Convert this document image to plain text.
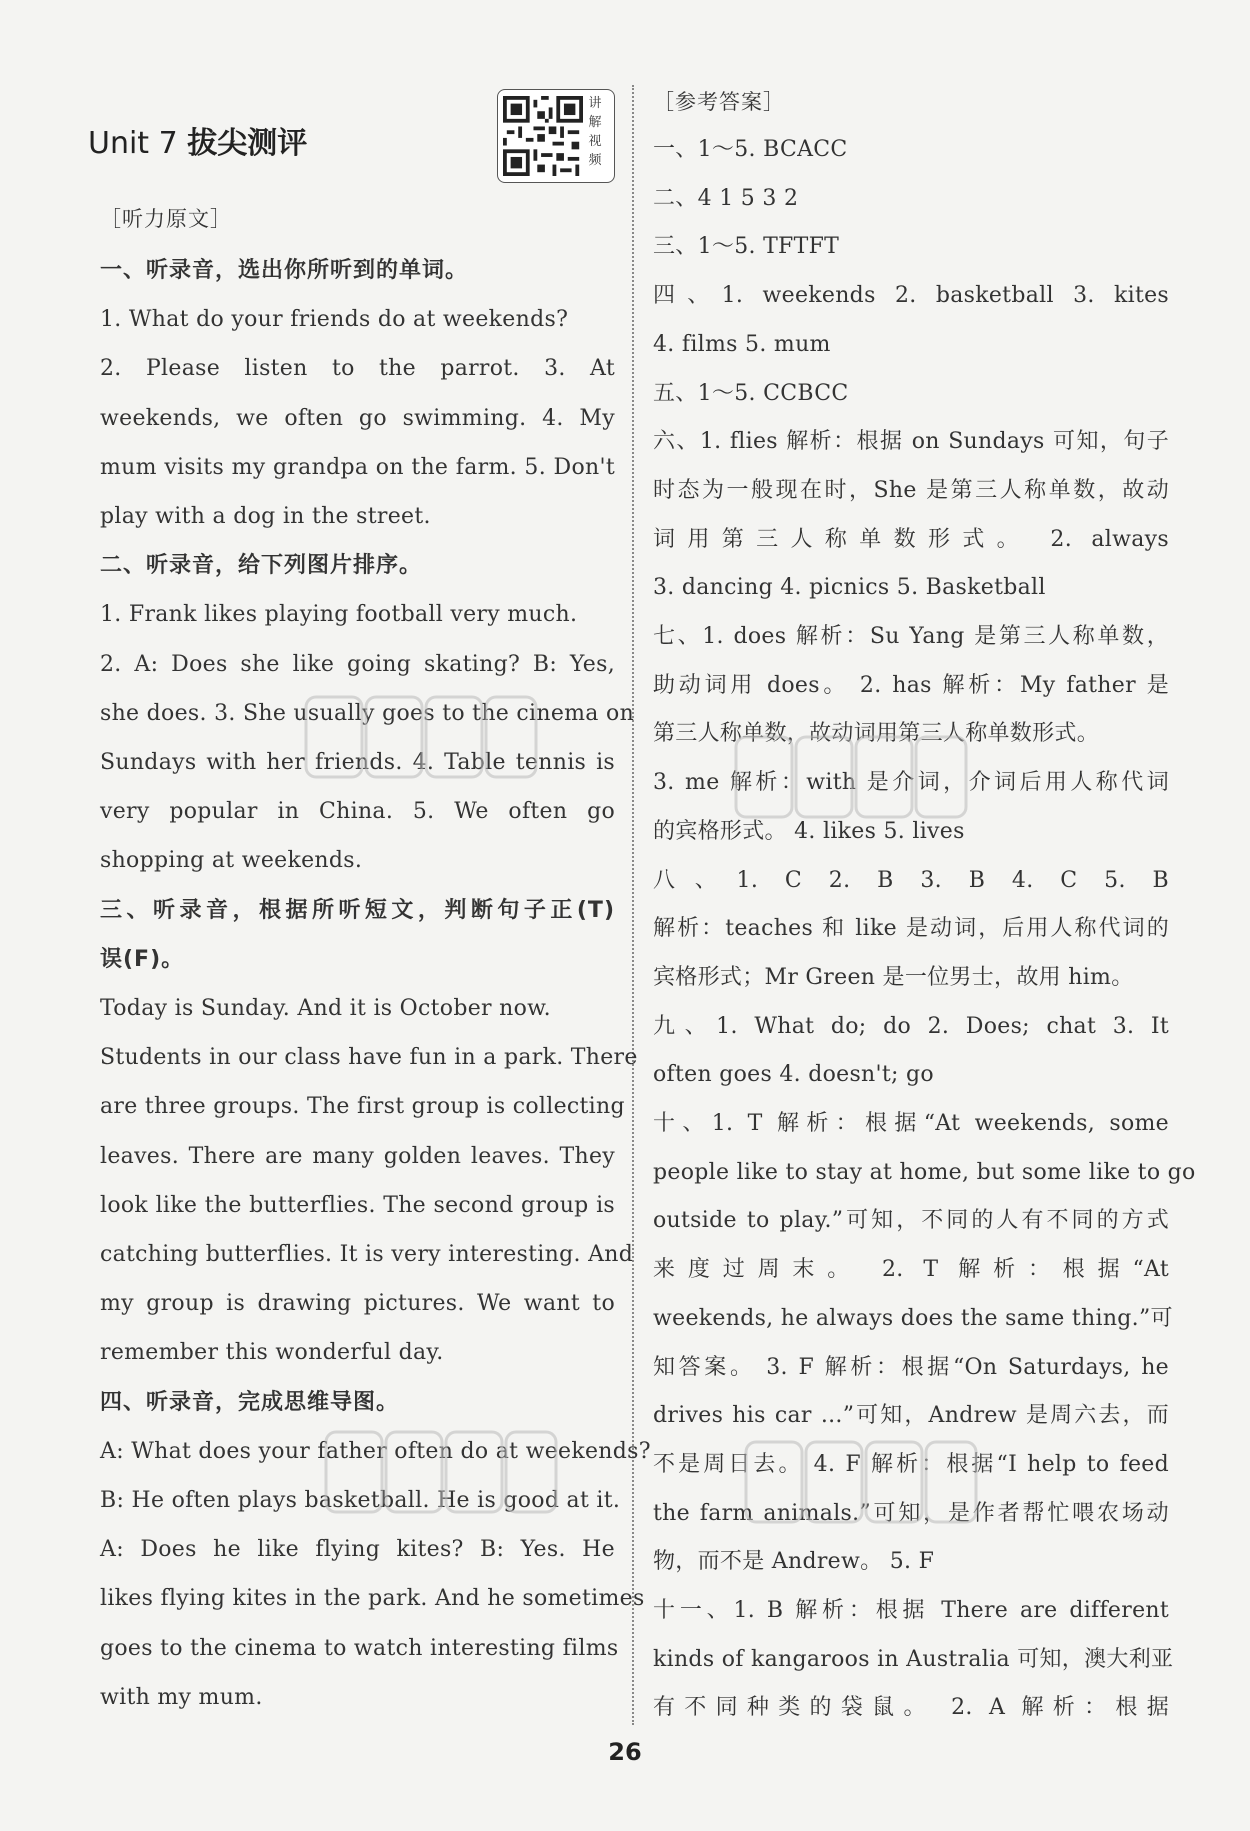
Unit 7 拔尖测评
讲解视频
［听力原文］
一、听录音，选出你所听到的单词。
1. What do your friends do at weekends?
2. Please listen to the parrot. 3. At
weekends, we often go swimming. 4. My
mum visits my grandpa on the farm. 5. Don't
play with a dog in the street.
二、听录音，给下列图片排序。
1. Frank likes playing football very much.
2. A: Does she like going skating? B: Yes,
she does. 3. She usually goes to the cinema on
Sundays with her friends. 4. Table tennis is
very popular in China. 5. We often go
shopping at weekends.
三、听录音，根据所听短文，判断句子正(T)
误(F)。
Today is Sunday. And it is October now.
Students in our class have fun in a park. There
are three groups. The first group is collecting
leaves. There are many golden leaves. They
look like the butterflies. The second group is
catching butterflies. It is very interesting. And
my group is drawing pictures. We want to
remember this wonderful day.
四、听录音，完成思维导图。
A: What does your father often do at weekends?
B: He often plays basketball. He is good at it.
A: Does he like flying kites? B: Yes. He
likes flying kites in the park. And he sometimes
goes to the cinema to watch interesting films
with my mum.
［参考答案］
一、1～5. BCACC
二、4 1 5 3 2
三、1～5. TFTFT
四、1. weekends 2. basketball 3. kites
4. films 5. mum
五、1～5. CCBCC
六、1. flies 解析：根据 on Sundays 可知，句子
时态为一般现在时，She 是第三人称单数，故动
词用第三人称单数形式。 2. always
3. dancing 4. picnics 5. Basketball
七、1. does 解析：Su Yang 是第三人称单数，
助动词用 does。 2. has 解析：My father 是
第三人称单数，故动词用第三人称单数形式。
3. me 解析：with 是介词，介词后用人称代词
的宾格形式。 4. likes 5. lives
八、1. C 2. B 3. B 4. C 5. B
解析：teaches 和 like 是动词，后用人称代词的
宾格形式；Mr Green 是一位男士，故用 him。
九、1. What do; do 2. Does; chat 3. It
often goes 4. doesn't; go
十、1. T 解析：根据“At weekends, some
people like to stay at home, but some like to go
outside to play.”可知，不同的人有不同的方式
来度过周末。 2. T 解析：根据“At
weekends, he always does the same thing.”可
知答案。 3. F 解析：根据“On Saturdays, he
drives his car ...”可知，Andrew 是周六去，而
不是周日去。 4. F 解析：根据“I help to feed
the farm animals.”可知，是作者帮忙喂农场动
物，而不是 Andrew。 5. F
十一、1. B 解析：根据 There are different
kinds of kangaroos in Australia 可知，澳大利亚
有不同种类的袋鼠。 2. A 解析：根据
26
